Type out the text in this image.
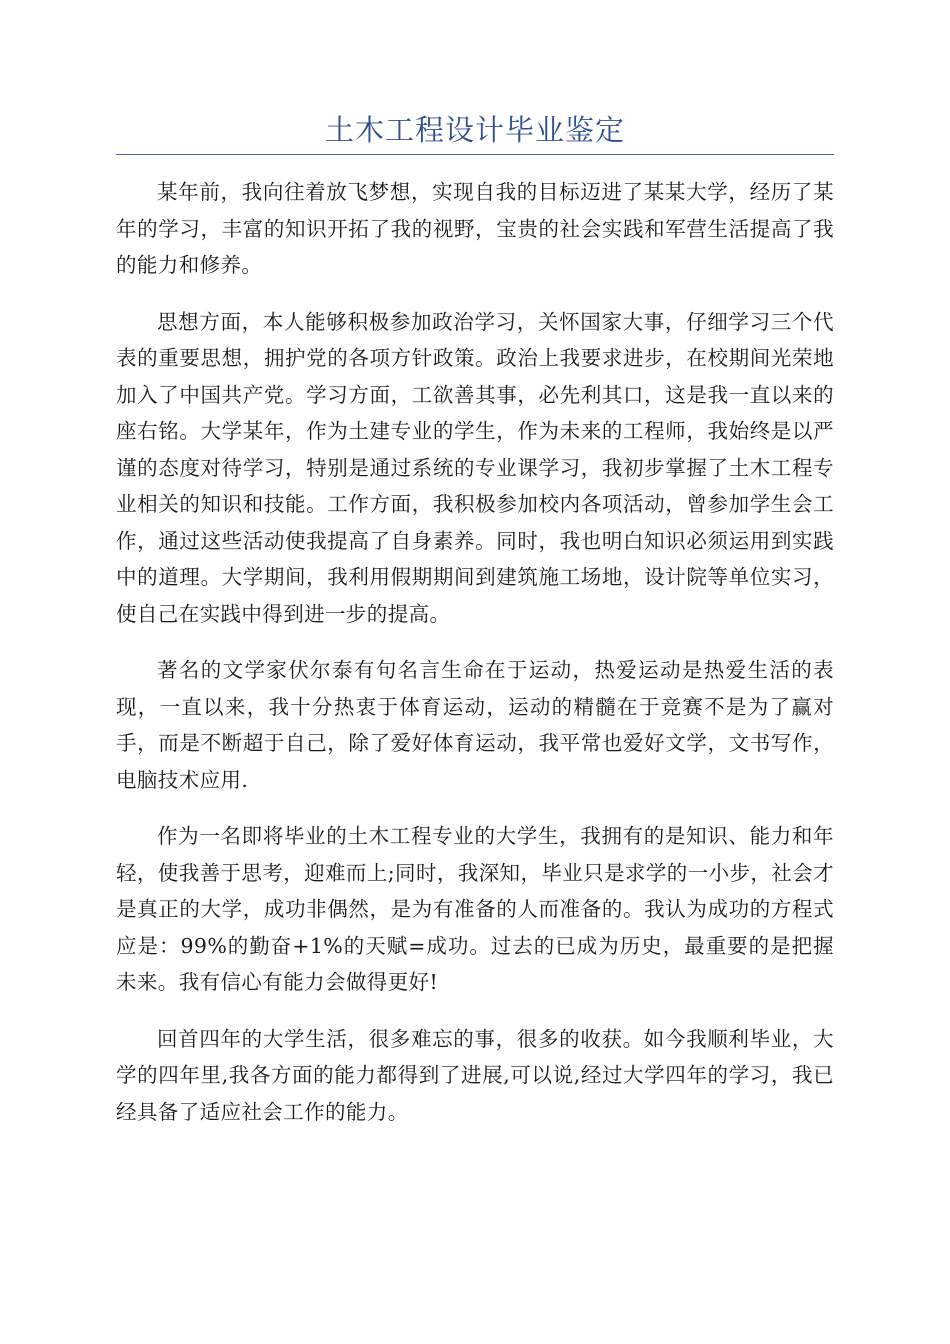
土木工程设计毕业鉴定

某年前，我向往着放飞梦想，实现自我的目标迈进了某某大学，经历了某年的学习，丰富的知识开拓了我的视野，宝贵的社会实践和军营生活提高了我的能力和修养。

思想方面，本人能够积极参加政治学习，关怀国家大事，仔细学习三个代表的重要思想，拥护党的各项方针政策。政治上我要求进步，在校期间光荣地加入了中国共产党。学习方面，工欲善其事，必先利其口，这是我一直以来的座右铭。大学某年，作为土建专业的学生，作为未来的工程师，我始终是以严谨的态度对待学习，特别是通过系统的专业课学习，我初步掌握了土木工程专业相关的知识和技能。工作方面，我积极参加校内各项活动，曾参加学生会工作，通过这些活动使我提高了自身素养。同时，我也明白知识必须运用到实践中的道理。大学期间，我利用假期期间到建筑施工场地，设计院等单位实习，使自己在实践中得到进一步的提高。

著名的文学家伏尔泰有句名言生命在于运动，热爱运动是热爱生活的表现，一直以来，我十分热衷于体育运动，运动的精髓在于竞赛不是为了赢对手，而是不断超于自己，除了爱好体育运动，我平常也爱好文学，文书写作，电脑技术应用.

作为一名即将毕业的土木工程专业的大学生，我拥有的是知识、能力和年轻，使我善于思考，迎难而上;同时，我深知，毕业只是求学的一小步，社会才是真正的大学，成功非偶然，是为有准备的人而准备的。我认为成功的方程式应是：99%的勤奋+1%的天赋=成功。过去的已成为历史，最重要的是把握未来。我有信心有能力会做得更好!

回首四年的大学生活，很多难忘的事，很多的收获。如今我顺利毕业，大学的四年里,我各方面的能力都得到了进展,可以说,经过大学四年的学习，我已经具备了适应社会工作的能力。
